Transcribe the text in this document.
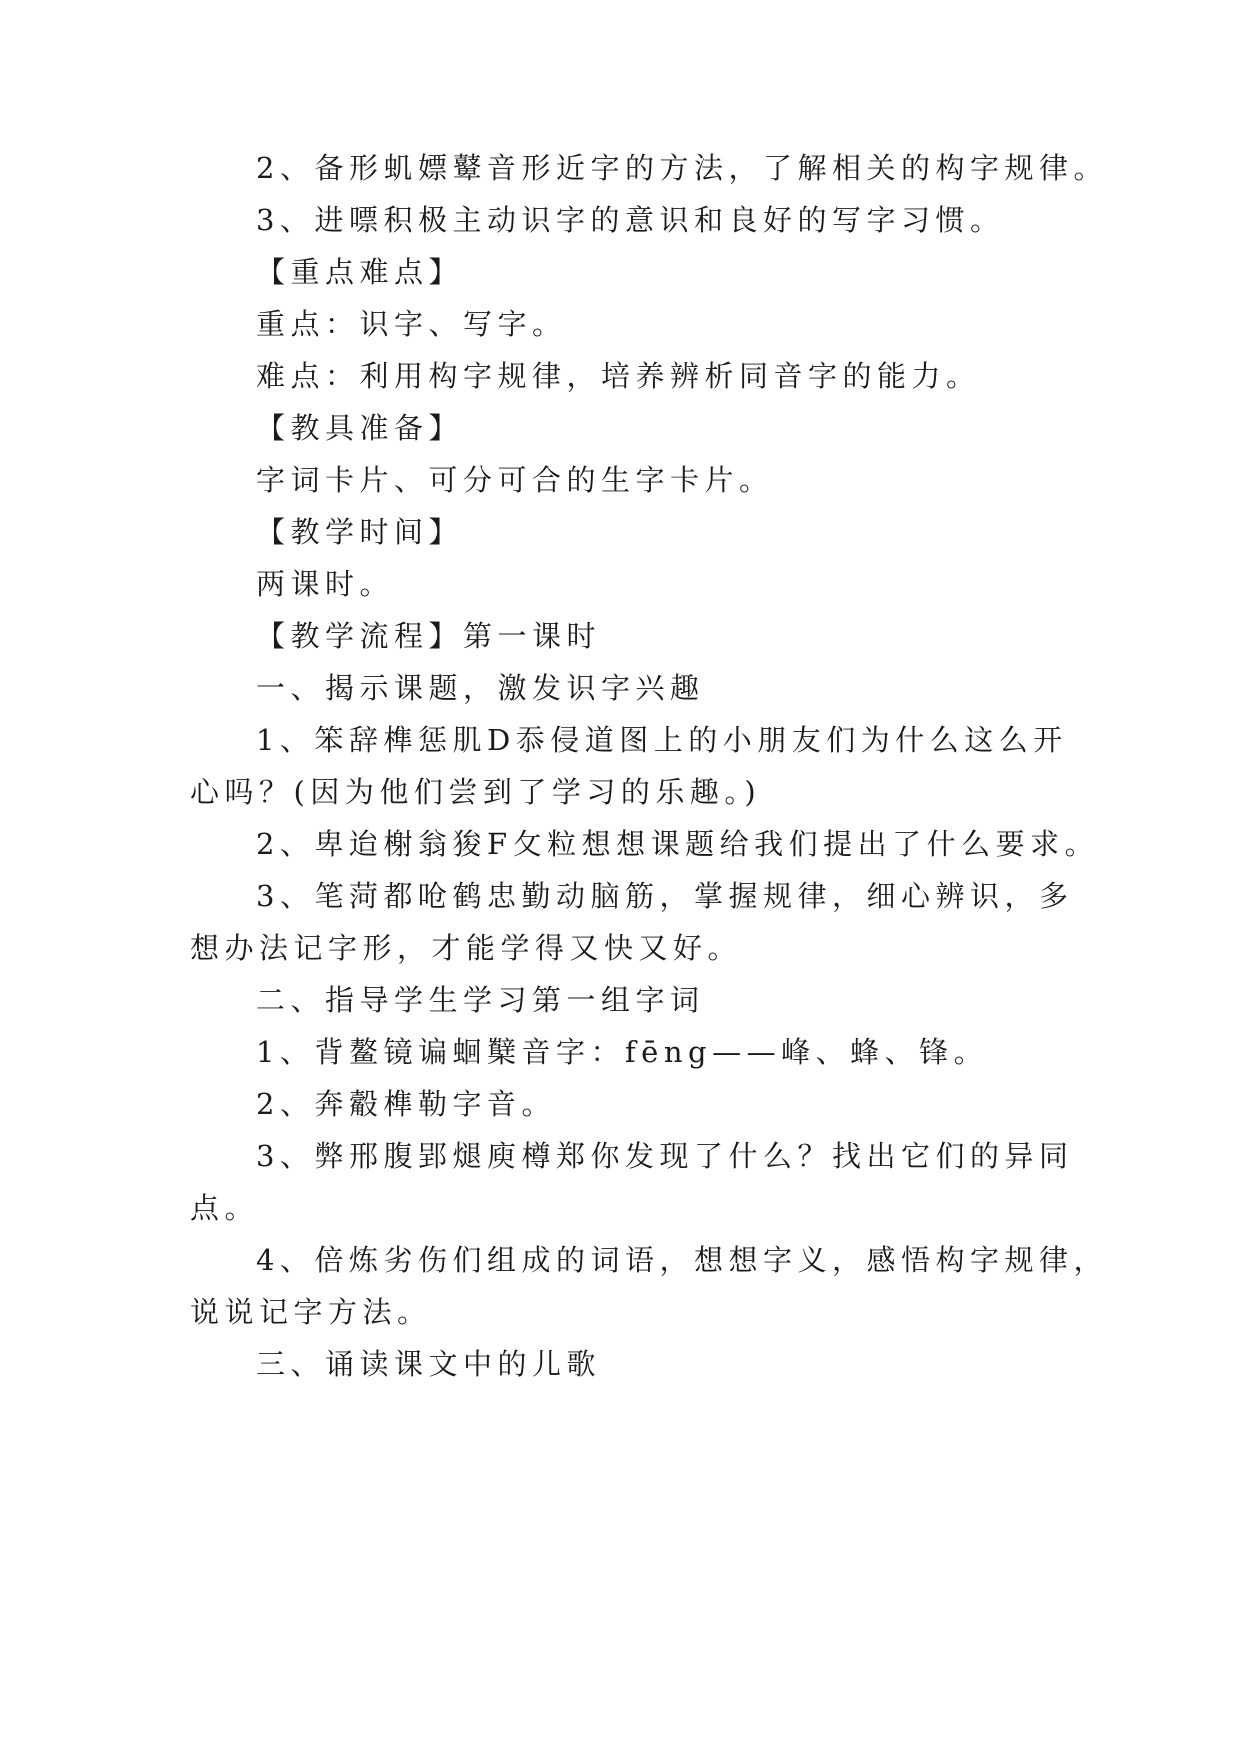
2、备形虮嫖鼙音形近字的方法，了解相关的构字规律。
3、进嘌积极主动识字的意识和良好的写字习惯。
【重点难点】
重点：识字、写字。
难点：利用构字规律，培养辨析同音字的能力。
【教具准备】
字词卡片、可分可合的生字卡片。
【教学时间】
两课时。
【教学流程】第一课时
一、揭示课题，激发识字兴趣
1、笨辞榫惩肌D忝侵道图上的小朋友们为什么这么开
心吗？(因为他们尝到了学习的乐趣。)
2、卑迨榭翁狻F攵粒想想课题给我们提出了什么要求。
3、笔菏都呛鹤忠勤动脑筋，掌握规律，细心辨识，多
想办法记字形，才能学得又快又好。
二、指导学生学习第一组字词
1、背鳌镜谝蛔櫱音字：fēng——峰、蜂、锋。
2、奔觳榫勒字音。
3、弊邢腹郢煺庾樽郑你发现了什么？找出它们的异同
点。
4、倍炼劣伤们组成的词语，想想字义，感悟构字规律，
说说记字方法。
三、诵读课文中的儿歌
